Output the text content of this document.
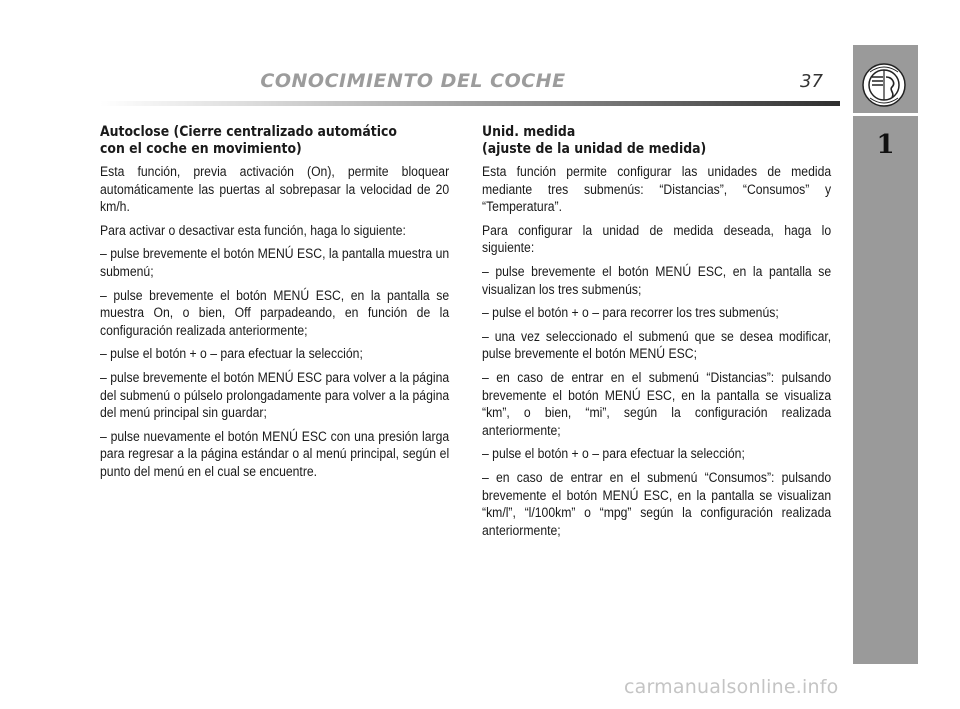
CONOCIMIENTO DEL COCHE	37
1
Autoclose (Cierre centralizado automático
con el coche en movimiento)

Esta función, previa activación (On), permite bloquear automáticamente las puertas al sobrepasar la velocidad de 20 km/h.

Para activar o desactivar esta función, haga lo siguiente:

– pulse brevemente el botón MENÚ ESC, la pantalla muestra un submenú;

– pulse brevemente el botón MENÚ ESC, en la pantalla se muestra On, o bien, Off parpadeando, en función de la configuración realizada anteriormente;

– pulse el botón + o – para efectuar la selección;

– pulse brevemente el botón MENÚ ESC para volver a la página del submenú o púlselo prolongadamente para volver a la página del menú principal sin guardar;

– pulse nuevamente el botón MENÚ ESC con una presión larga para regresar a la página estándar o al menú principal, según el punto del menú en el cual se encuentre.

Unid. medida
(ajuste de la unidad de medida)

Esta función permite configurar las unidades de medida mediante tres submenús: “Distancias”, “Consumos” y “Temperatura”.

Para configurar la unidad de medida deseada, haga lo siguiente:

– pulse brevemente el botón MENÚ ESC, en la pantalla se visualizan los tres submenús;

– pulse el botón + o – para recorrer los tres submenús;

– una vez seleccionado el submenú que se desea modificar, pulse brevemente el botón MENÚ ESC;

– en caso de entrar en el submenú “Distancias”: pulsando brevemente el botón MENÚ ESC, en la pantalla se visualiza “km”, o bien, “mi”, según la configuración realizada anteriormente;

– pulse el botón + o – para efectuar la selección;

– en caso de entrar en el submenú “Consumos”: pulsando brevemente el botón MENÚ ESC, en la pantalla se visualizan “km/l”, “l/100km” o “mpg” según la configuración realizada anteriormente;

carmanualsonline.info
